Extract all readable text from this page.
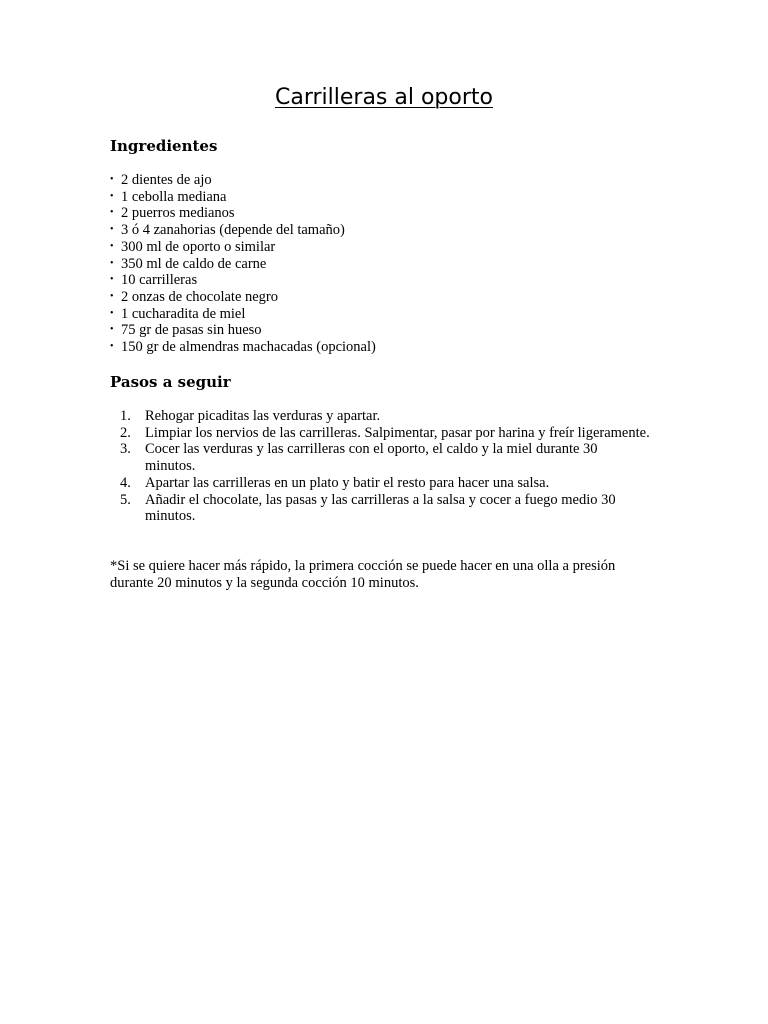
Carrilleras al oporto
Ingredientes
• 2 dientes de ajo
• 1 cebolla mediana
• 2 puerros medianos
• 3 ó 4 zanahorias (depende del tamaño)
• 300 ml de oporto o similar
• 350 ml de caldo de carne
• 10 carrilleras
• 2 onzas de chocolate negro
• 1 cucharadita de miel
• 75 gr de pasas sin hueso
• 150 gr de almendras machacadas (opcional)
Pasos a seguir
1. Rehogar picaditas las verduras y apartar.
2. Limpiar los nervios de las carrilleras. Salpimentar, pasar por harina y freír ligeramente.
3. Cocer las verduras y las carrilleras con el oporto, el caldo y la miel durante 30 minutos.
4. Apartar las carrilleras en un plato y batir el resto para hacer una salsa.
5. Añadir el chocolate, las pasas y las carrilleras a la salsa y cocer a fuego medio 30 minutos.

*Si se quiere hacer más rápido, la primera cocción se puede hacer en una olla a presión durante 20 minutos y la segunda cocción 10 minutos.
